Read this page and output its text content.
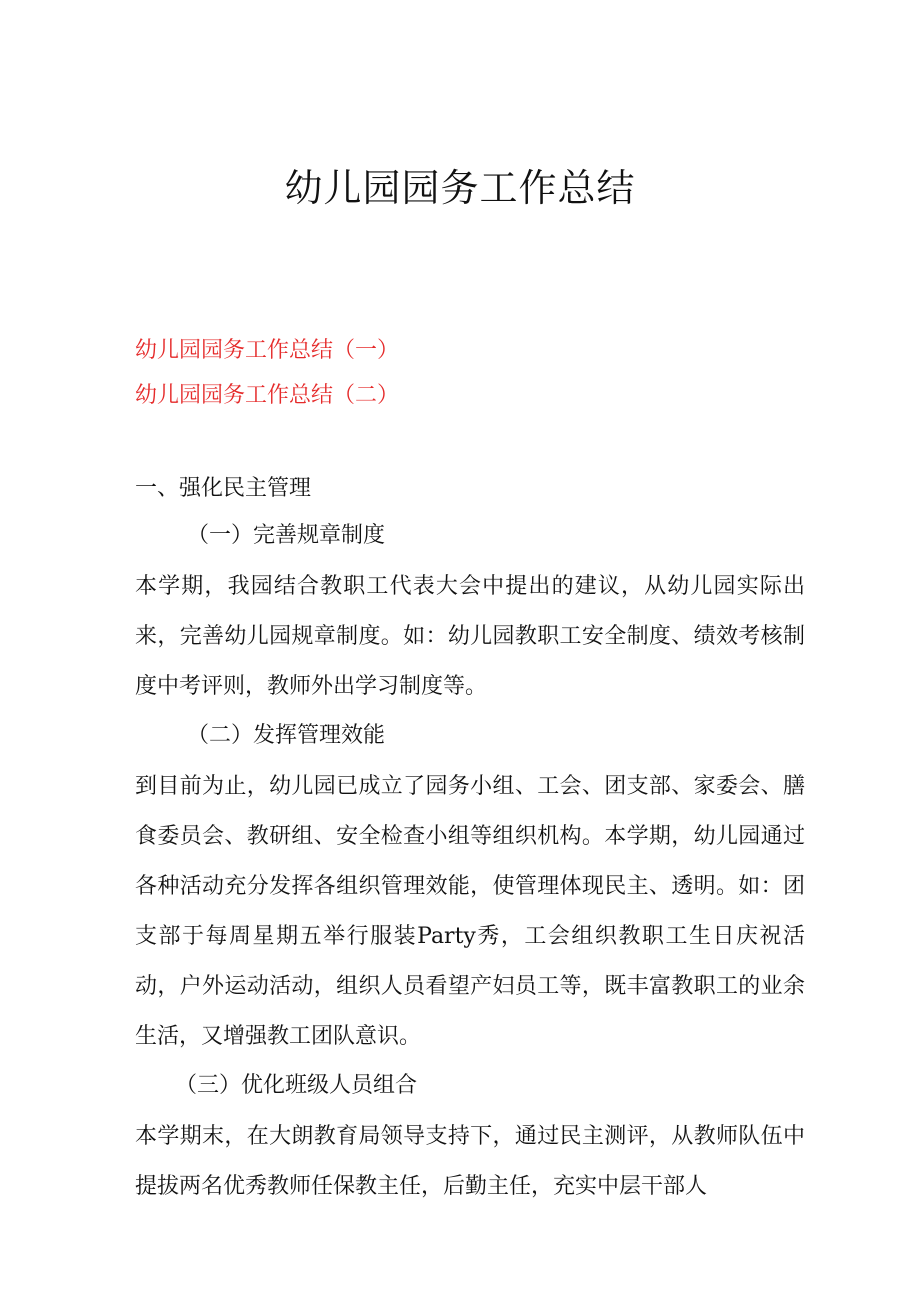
幼儿园园务工作总结
幼儿园园务工作总结（一）
幼儿园园务工作总结（二）

一、强化民主管理

（一）完善规章制度

本学期，我园结合教职工代表大会中提出的建议，从幼儿园实际出来，完善幼儿园规章制度。如：幼儿园教职工安全制度、绩效考核制度中考评则，教师外出学习制度等。

（二）发挥管理效能

到目前为止，幼儿园已成立了园务小组、工会、团支部、家委会、膳食委员会、教研组、安全检查小组等组织机构。本学期，幼儿园通过各种活动充分发挥各组织管理效能，使管理体现民主、透明。如：团支部于每周星期五举行服装Party秀，工会组织教职工生日庆祝活动，户外运动活动，组织人员看望产妇员工等，既丰富教职工的业余生活，又增强教工团队意识。

（三）优化班级人员组合

本学期末，在大朗教育局领导支持下，通过民主测评，从教师队伍中提拔两名优秀教师任保教主任，后勤主任，充实中层干部人
